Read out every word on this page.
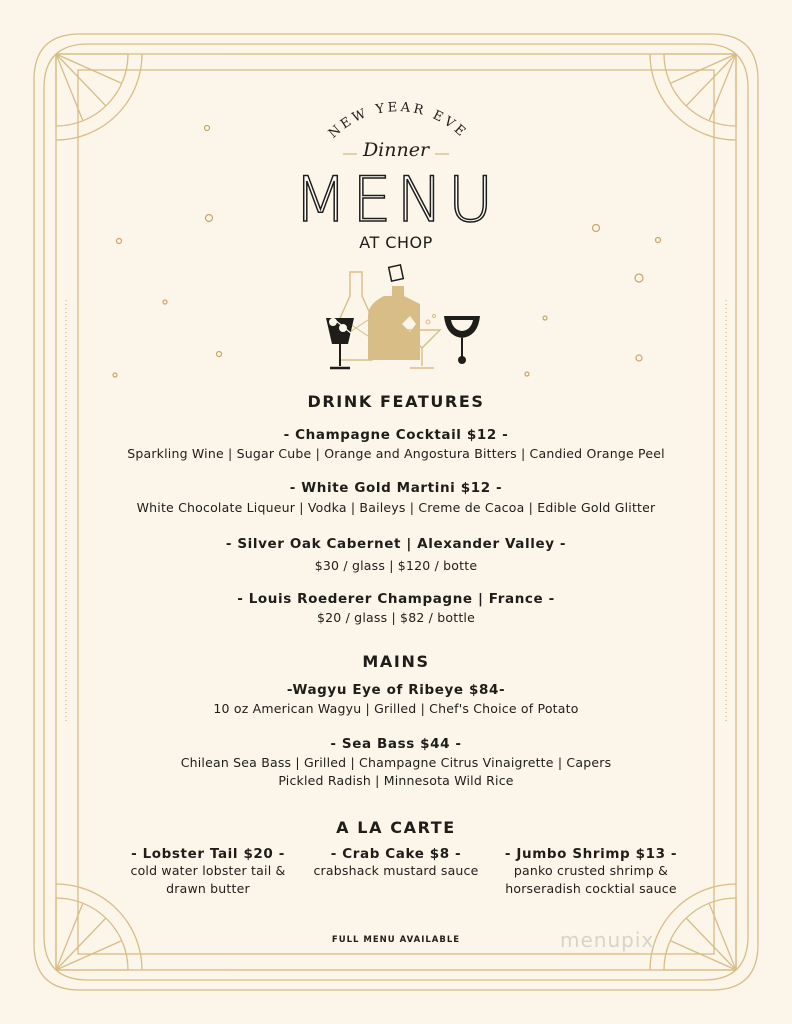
NEW YEAR EVE
Dinner
MENU
AT CHOP
DRINK FEATURES
- Champagne Cocktail $12 -
Sparkling Wine | Sugar Cube | Orange and Angostura Bitters | Candied Orange Peel
- White Gold Martini $12 -
White Chocolate Liqueur | Vodka | Baileys | Creme de Cacoa | Edible Gold Glitter
- Silver Oak Cabernet | Alexander Valley -
$30 / glass | $120 / botte
- Louis Roederer Champagne | France -
$20 / glass | $82 / bottle
MAINS
-Wagyu Eye of Ribeye $84-
10 oz American Wagyu | Grilled | Chef's Choice of Potato
- Sea Bass $44 -
Chilean Sea Bass | Grilled | Champagne Citrus Vinaigrette | Capers
Pickled Radish | Minnesota Wild Rice
A LA CARTE
- Lobster Tail $20 -
cold water lobster tail &
drawn butter
- Crab Cake $8 -
crabshack mustard sauce
- Jumbo Shrimp $13 -
panko crusted shrimp &
horseradish cocktial sauce
FULL MENU AVAILABLE	menupix
